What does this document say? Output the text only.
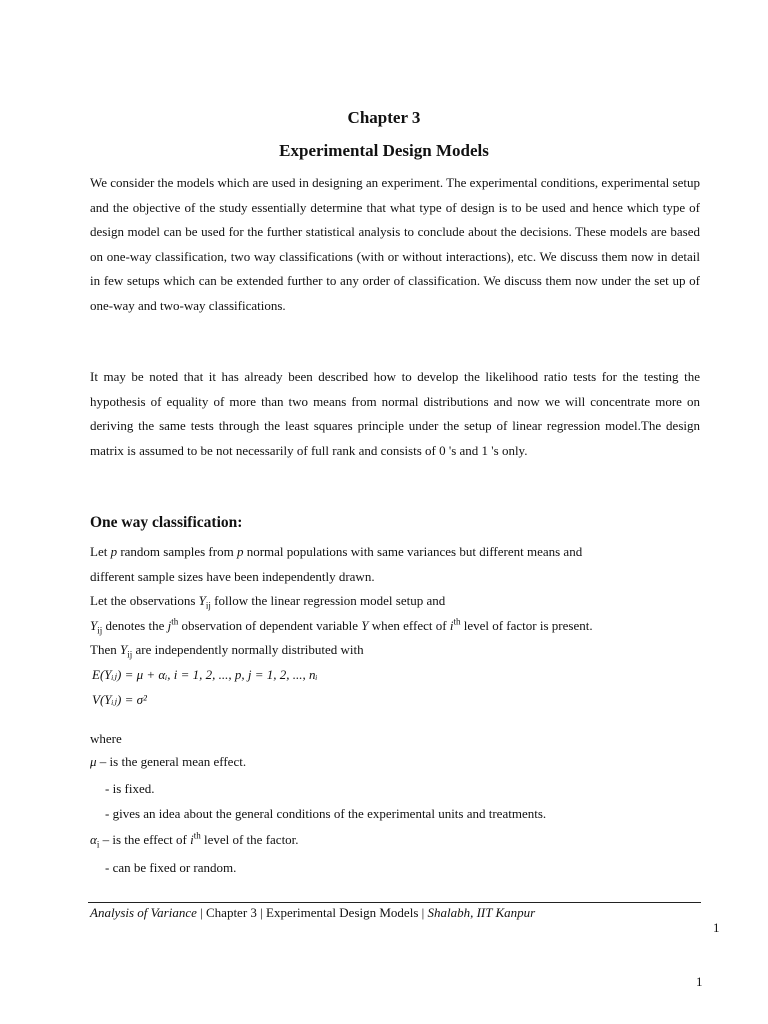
Chapter 3
Experimental Design Models

We consider the models which are used in designing an experiment. The experimental conditions, experimental setup and the objective of the study essentially determine that what type of design is to be used and hence which type of design model can be used for the further statistical analysis to conclude about the decisions. These models are based on one-way classification, two way classifications (with or without interactions), etc. We discuss them now in detail in few setups which can be extended further to any order of classification. We discuss them now under the set up of one-way and two-way classifications.

It may be noted that it has already been described how to develop the likelihood ratio tests for the testing the hypothesis of equality of more than two means from normal distributions and now we will concentrate more on deriving the same tests through the least squares principle under the setup of linear regression model.The design matrix is assumed to be not necessarily of full rank and consists of 0 's and 1 's only.

One way classification:
Let p random samples from p normal populations with same variances but different means and
different sample sizes have been independently drawn.
Let the observations $Y_{ij}$ follow the linear regression model setup and
$Y_{ij}$ denotes the $j^{th}$ observation of dependent variable Y when effect of $i^{th}$ level of factor is present.
Then $Y_{ij}$ are independently normally distributed with
E(Yᵢⱼ) = μ + αᵢ, i = 1, 2, ..., p, j = 1, 2, ..., nᵢ
V(Yᵢⱼ) = σ²
where
μ – is the general mean effect.
- is fixed.
- gives an idea about the general conditions of the experimental units and treatments.
$\alpha_i$ – is the effect of $i^{th}$ level of the factor.
- can be fixed or random.
Analysis of Variance | Chapter 3 | Experimental Design Models | Shalabh, IIT Kanpur
1
1
